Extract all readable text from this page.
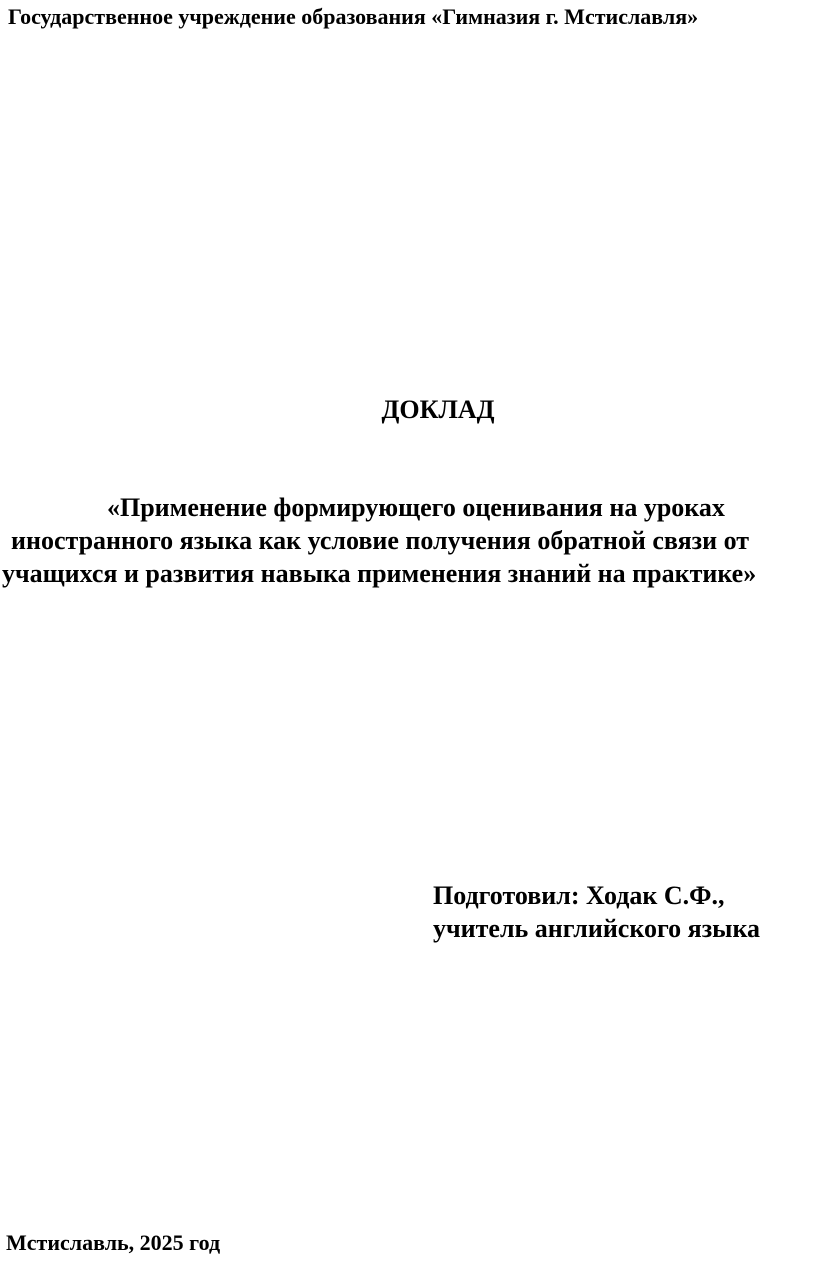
Государственное учреждение образования «Гимназия г. Мстиславля»
ДОКЛАД
«Применение формирующего оценивания на уроках
иностранного языка как условие получения обратной связи от
учащихся и развития навыка применения знаний на практике»
Подготовил: Ходак С.Ф.,
учитель английского языка
Мстиславль, 2025 год
